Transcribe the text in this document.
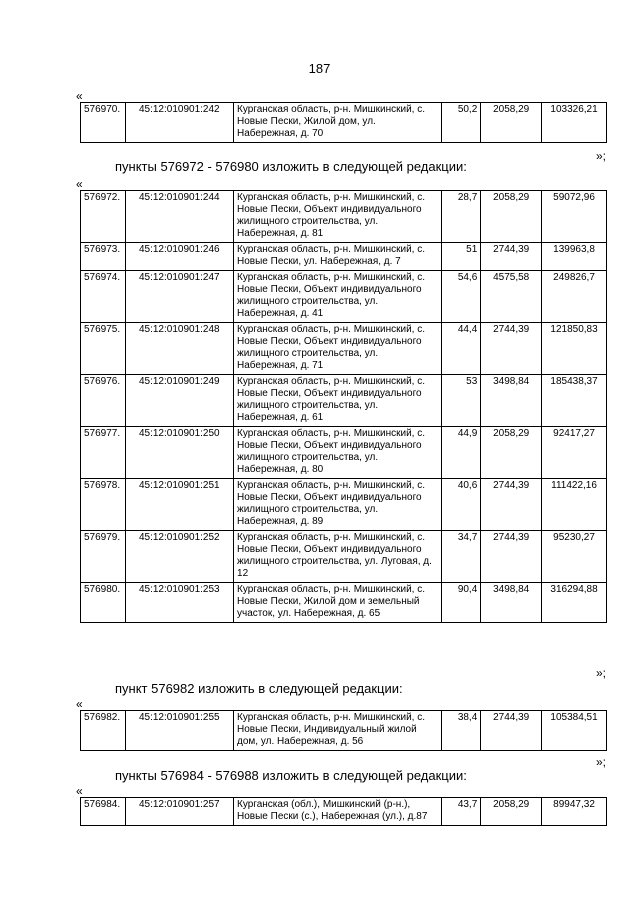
187
«
576970.	45:12:010901:242	Курганская область, р-н. Мишкинский, с. Новые Пески, Жилой дом, ул. Набережная, д. 70	50,2	2058,29	103326,21
»;
пункты 576972 - 576980 изложить в следующей редакции:
«
576972.	45:12:010901:244	Курганская область, р-н. Мишкинский, с. Новые Пески, Объект индивидуального жилищного строительства, ул. Набережная, д. 81	28,7	2058,29	59072,96
576973.	45:12:010901:246	Курганская область, р-н. Мишкинский, с. Новые Пески, ул. Набережная, д. 7	51	2744,39	139963,8
576974.	45:12:010901:247	Курганская область, р-н. Мишкинский, с. Новые Пески, Объект индивидуального жилищного строительства, ул. Набережная, д. 41	54,6	4575,58	249826,7
576975.	45:12:010901:248	Курганская область, р-н. Мишкинский, с. Новые Пески, Объект индивидуального жилищного строительства, ул. Набережная, д. 71	44,4	2744,39	121850,83
576976.	45:12:010901:249	Курганская область, р-н. Мишкинский, с. Новые Пески, Объект индивидуального жилищного строительства, ул. Набережная, д. 61	53	3498,84	185438,37
576977.	45:12:010901:250	Курганская область, р-н. Мишкинский, с. Новые Пески, Объект индивидуального жилищного строительства, ул. Набережная, д. 80	44,9	2058,29	92417,27
576978.	45:12:010901:251	Курганская область, р-н. Мишкинский, с. Новые Пески, Объект индивидуального жилищного строительства, ул. Набережная, д. 89	40,6	2744,39	111422,16
576979.	45:12:010901:252	Курганская область, р-н. Мишкинский, с. Новые Пески, Объект индивидуального жилищного строительства, ул. Луговая, д. 12	34,7	2744,39	95230,27
576980.	45:12:010901:253	Курганская область, р-н. Мишкинский, с. Новые Пески, Жилой дом и земельный участок, ул. Набережная, д. 65	90,4	3498,84	316294,88
»;
пункт 576982 изложить в следующей редакции:
«
576982.	45:12:010901:255	Курганская область, р-н. Мишкинский, с. Новые Пески, Индивидуальный жилой дом, ул. Набережная, д. 56	38,4	2744,39	105384,51
»;
пункты 576984 - 576988 изложить в следующей редакции:
«
576984.	45:12:010901:257	Курганская (обл.), Мишкинский (р-н.), Новые Пески (с.), Набережная (ул.), д.87	43,7	2058,29	89947,32
